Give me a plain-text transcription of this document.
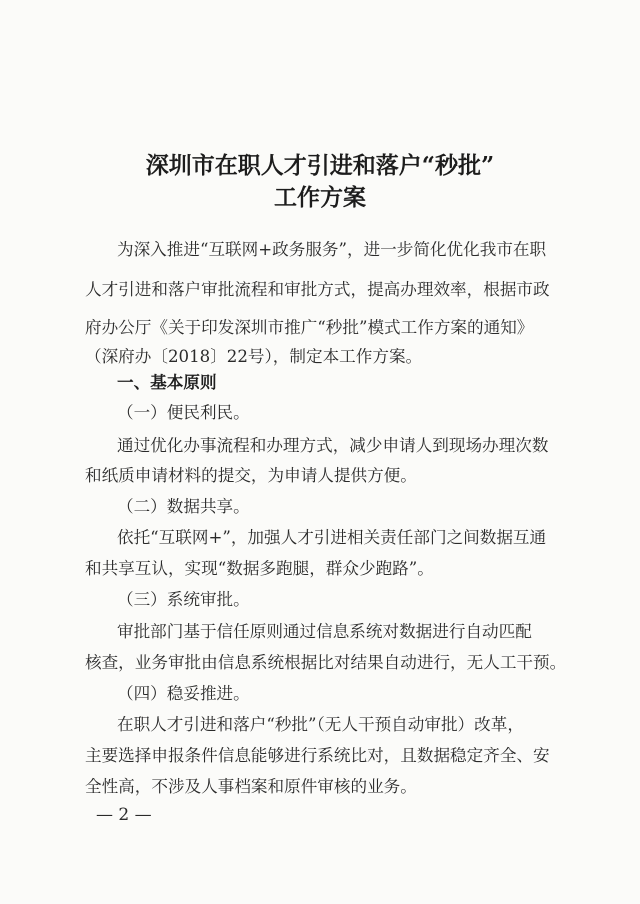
深圳市在职人才引进和落户“秒批”
工作方案
为深入推进“互联网+政务服务”，进一步简化优化我市在职
人才引进和落户审批流程和审批方式，提高办理效率，根据市政
府办公厅《关于印发深圳市推广“秒批”模式工作方案的通知》
（深府办〔2018〕22号），制定本工作方案。
一、基本原则
（一）便民利民。
通过优化办事流程和办理方式，减少申请人到现场办理次数
和纸质申请材料的提交，为申请人提供方便。
（二）数据共享。
依托“互联网+”，加强人才引进相关责任部门之间数据互通
和共享互认，实现“数据多跑腿，群众少跑路”。
（三）系统审批。
审批部门基于信任原则通过信息系统对数据进行自动匹配
核查，业务审批由信息系统根据比对结果自动进行，无人工干预。
（四）稳妥推进。
在职人才引进和落户“秒批”（无人干预自动审批）改革，
主要选择申报条件信息能够进行系统比对，且数据稳定齐全、安
全性高，不涉及人事档案和原件审核的业务。
— 2 —
